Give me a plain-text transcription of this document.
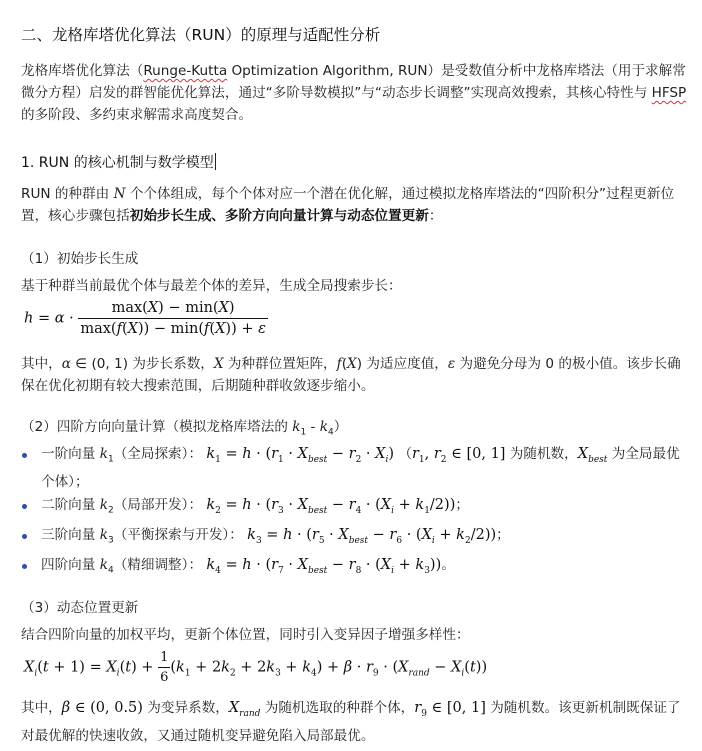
二、龙格库塔优化算法（RUN）的原理与适配性分析
龙格库塔优化算法（Runge-Kutta Optimization Algorithm, RUN）是受数值分析中龙格库塔法（用于求解常微分方程）启发的群智能优化算法，通过“多阶导数模拟”与“动态步长调整”实现高效搜索，其核心特性与 HFSP 的多阶段、多约束求解需求高度契合。
1. RUN 的核心机制与数学模型
RUN 的种群由 N 个个体组成，每个个体对应一个潜在优化解，通过模拟龙格库塔法的“四阶积分”过程更新位置，核心步骤包括初始步长生成、多阶方向向量计算与动态位置更新：
（1）初始步长生成
基于种群当前最优个体与最差个体的差异，生成全局搜索步长：
$h = \alpha \cdot \frac{\max(X) - \min(X)}{\max(f(X)) - \min(f(X)) + \varepsilon}$
其中，α ∈ (0, 1) 为步长系数，X 为种群位置矩阵，f(X) 为适应度值，ε 为避免分母为 0 的极小值。该步长确保在优化初期有较大搜索范围，后期随种群收敛逐步缩小。
（2）四阶方向向量计算（模拟龙格库塔法的 $k_1 - k_4$）
一阶向量 $k_1$（全局探索）： $k_1 = h \cdot (r_1 \cdot X_{best} - r_2 \cdot X_i)$ （$r_1$, $r_2$ ∈ [0, 1] 为随机数，$X_{best}$ 为全局最优个体）；
二阶向量 $k_2$（局部开发）： $k_2 = h \cdot (r_3 \cdot X_{best} - r_4 \cdot (X_i + k_1/2))$；
三阶向量 $k_3$（平衡探索与开发）： $k_3 = h \cdot (r_5 \cdot X_{best} - r_6 \cdot (X_i + k_2/2))$；
四阶向量 $k_4$（精细调整）： $k_4 = h \cdot (r_7 \cdot X_{best} - r_8 \cdot (X_i + k_3))$。
（3）动态位置更新
结合四阶向量的加权平均，更新个体位置，同时引入变异因子增强多样性：
$X_i(t + 1) = X_i(t) + \frac{1}{6} (k_1 + 2k_2 + 2k_3 + k_4) + \beta \cdot r_9 \cdot (X_{rand} - X_i(t))$
其中，β ∈ (0, 0.5) 为变异系数，$X_{rand}$ 为随机选取的种群个体，$r_9$ ∈ [0, 1] 为随机数。该更新机制既保证了对最优解的快速收敛，又通过随机变异避免陷入局部最优。
